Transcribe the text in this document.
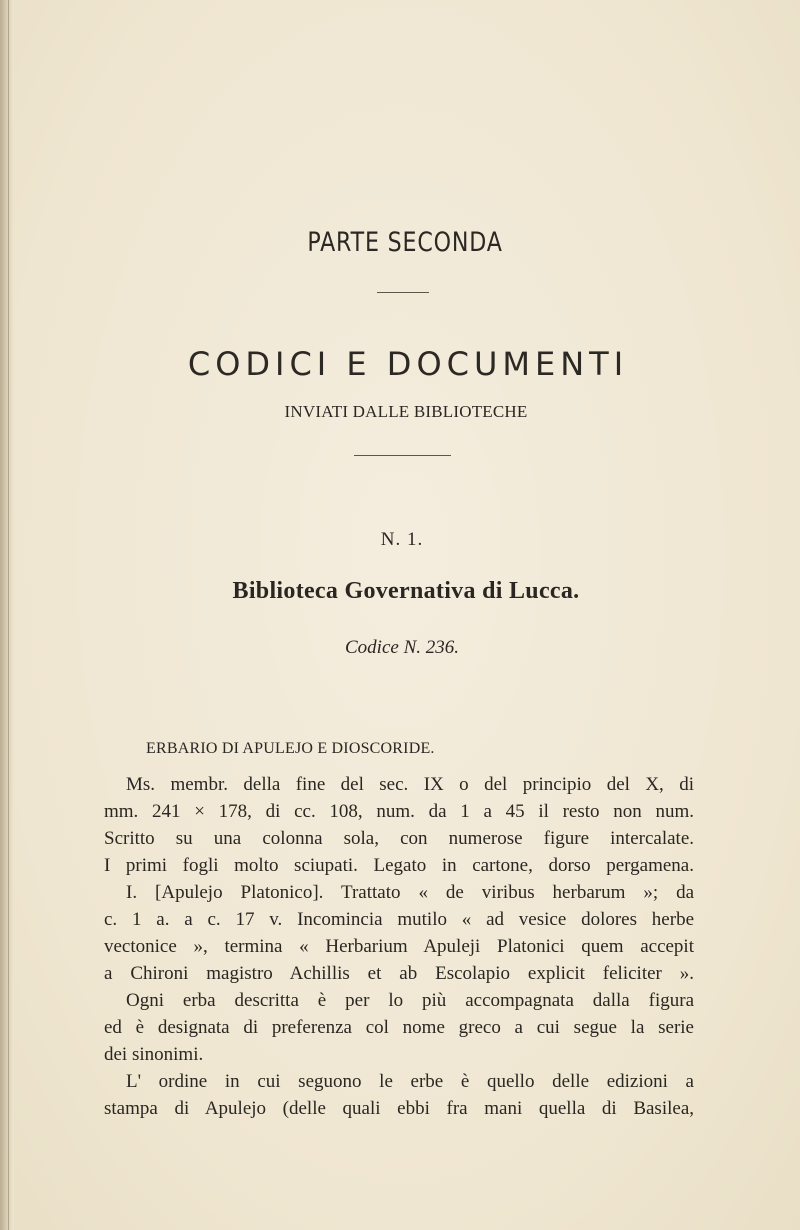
PARTE SECONDA
CODICI E DOCUMENTI
INVIATI DALLE BIBLIOTECHE
N. 1.
Biblioteca Governativa di Lucca.
Codice N. 236.
ERBARIO DI APULEJO E DIOSCORIDE.
Ms. membr. della fine del sec. IX o del principio del X, di
mm. 241 × 178, di cc. 108, num. da 1 a 45 il resto non num.
Scritto su una colonna sola, con numerose figure intercalate.
I primi fogli molto sciupati. Legato in cartone, dorso pergamena.
I. [Apulejo Platonico]. Trattato « de viribus herbarum »; da
c. 1 a. a c. 17 v. Incomincia mutilo « ad vesice dolores herbe
vectonice », termina « Herbarium Apuleji Platonici quem accepit
a Chironi magistro Achillis et ab Escolapio explicit feliciter ».
Ogni erba descritta è per lo più accompagnata dalla figura
ed è designata di preferenza col nome greco a cui segue la serie
dei sinonimi.
L' ordine in cui seguono le erbe è quello delle edizioni a
stampa di Apulejo (delle quali ebbi fra mani quella di Basilea,
